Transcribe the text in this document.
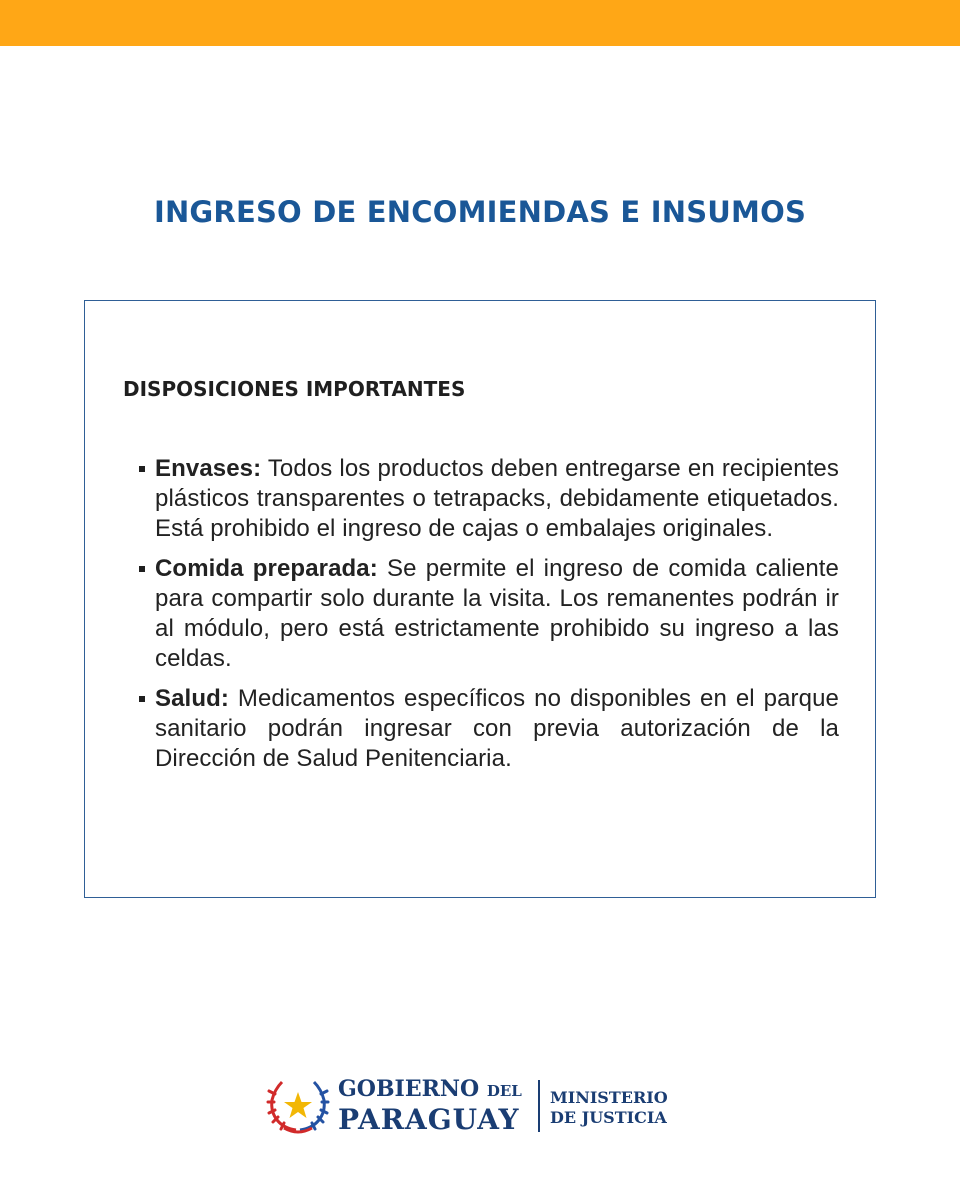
INGRESO DE ENCOMIENDAS E INSUMOS
DISPOSICIONES IMPORTANTES

Envases: Todos los productos deben entregarse en recipientes plásticos transparentes o tetrapacks, debidamente etiquetados. Está prohibido el ingreso de cajas o embalajes originales.

Comida preparada: Se permite el ingreso de comida caliente para compartir solo durante la visita. Los remanentes podrán ir al módulo, pero está estrictamente prohibido su ingreso a las celdas.

Salud: Medicamentos específicos no disponibles en el parque sanitario podrán ingresar con previa autorización de la Dirección de Salud Penitenciaria.

GOBIERNO DEL
PARAGUAY
MINISTERIO
DE JUSTICIA
